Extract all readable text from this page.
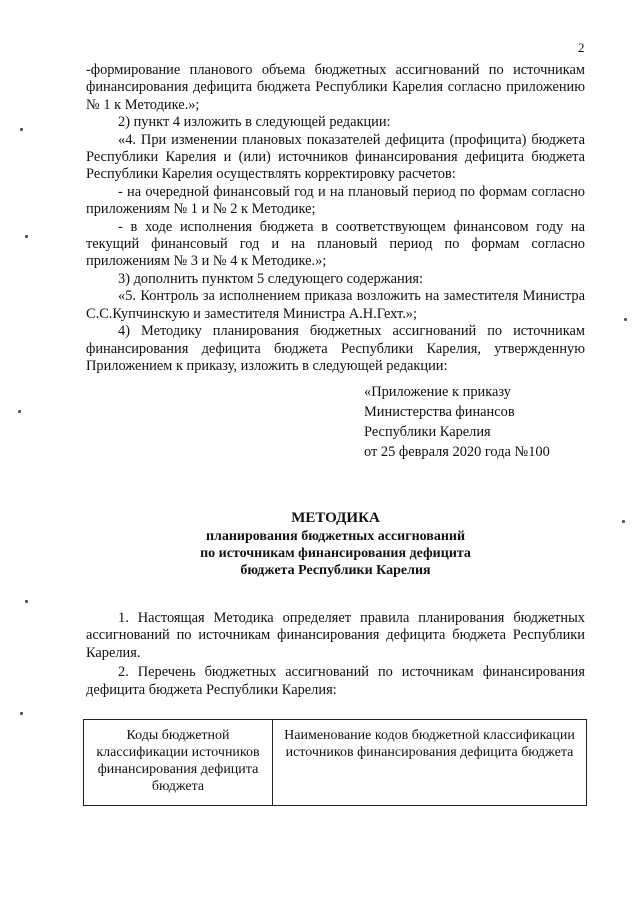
2

-формирование планового объема бюджетных ассигнований по источникам финансирования дефицита бюджета Республики Карелия согласно приложению № 1 к Методике.»;

2) пункт 4 изложить в следующей редакции:

«4. При изменении плановых показателей дефицита (профицита) бюджета Республики Карелия и (или) источников финансирования дефицита бюджета Республики Карелия осуществлять корректировку расчетов:

- на очередной финансовый год и на плановый период по формам согласно приложениям № 1 и № 2 к Методике;

- в ходе исполнения бюджета в соответствующем финансовом году на текущий финансовый год и на плановый период по формам согласно приложениям № 3 и № 4 к Методике.»;

3) дополнить пунктом 5 следующего содержания:

«5. Контроль за исполнением приказа возложить на заместителя Министра С.С.Купчинскую и заместителя Министра А.Н.Гехт.»;

4) Методику планирования бюджетных ассигнований по источникам финансирования дефицита бюджета Республики Карелия, утвержденную Приложением к приказу, изложить в следующей редакции:

«Приложение к приказу
Министерства финансов
Республики Карелия
от 25 февраля 2020 года №100
МЕТОДИКА
планирования бюджетных ассигнований
по источникам финансирования дефицита
бюджета Республики Карелия

1. Настоящая Методика определяет правила планирования бюджетных ассигнований по источникам финансирования дефицита бюджета Республики Карелия.

2. Перечень бюджетных ассигнований по источникам финансирования дефицита бюджета Республики Карелия:

Коды бюджетной классификации источников финансирования дефицита бюджета	Наименование кодов бюджетной классификации источников финансирования дефицита бюджета
